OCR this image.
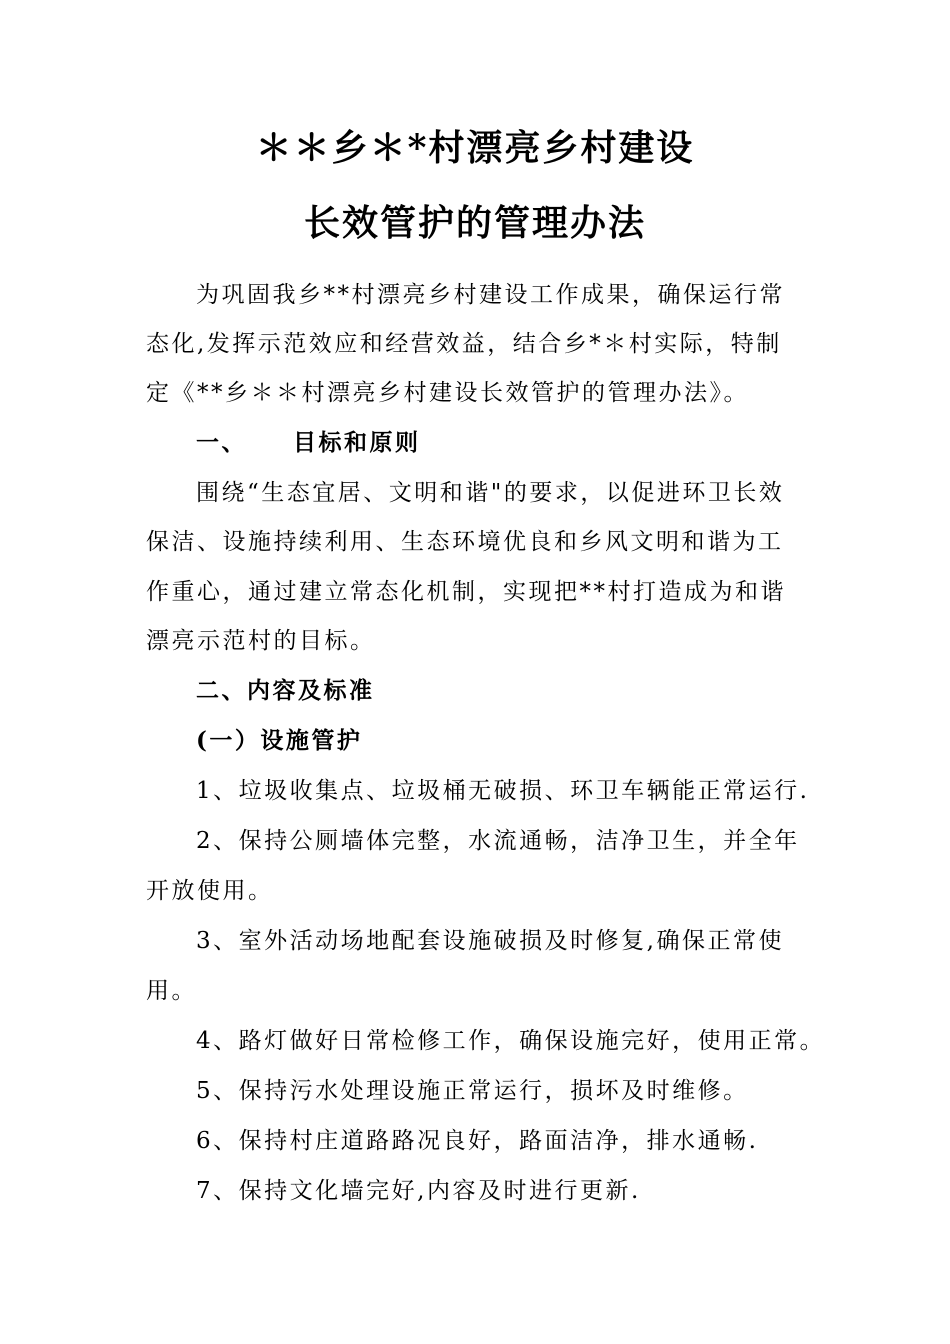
＊＊乡＊*村漂亮乡村建设
长效管护的管理办法
为巩固我乡**村漂亮乡村建设工作成果，确保运行常
态化,发挥示范效应和经营效益，结合乡*＊村实际，特制
定《**乡＊＊村漂亮乡村建设长效管护的管理办法》。
一、 目标和原则
围绕“生态宜居、文明和谐"的要求，以促进环卫长效
保洁、设施持续利用、生态环境优良和乡风文明和谐为工
作重心，通过建立常态化机制，实现把**村打造成为和谐
漂亮示范村的目标。
二、内容及标准
(一）设施管护
1、垃圾收集点、垃圾桶无破损、环卫车辆能正常运行.
2、保持公厕墙体完整，水流通畅，洁净卫生，并全年
开放使用。
3、室外活动场地配套设施破损及时修复,确保正常使
用。
4、路灯做好日常检修工作，确保设施完好，使用正常。
5、保持污水处理设施正常运行，损坏及时维修。
6、保持村庄道路路况良好，路面洁净，排水通畅.
7、保持文化墙完好,内容及时进行更新.
